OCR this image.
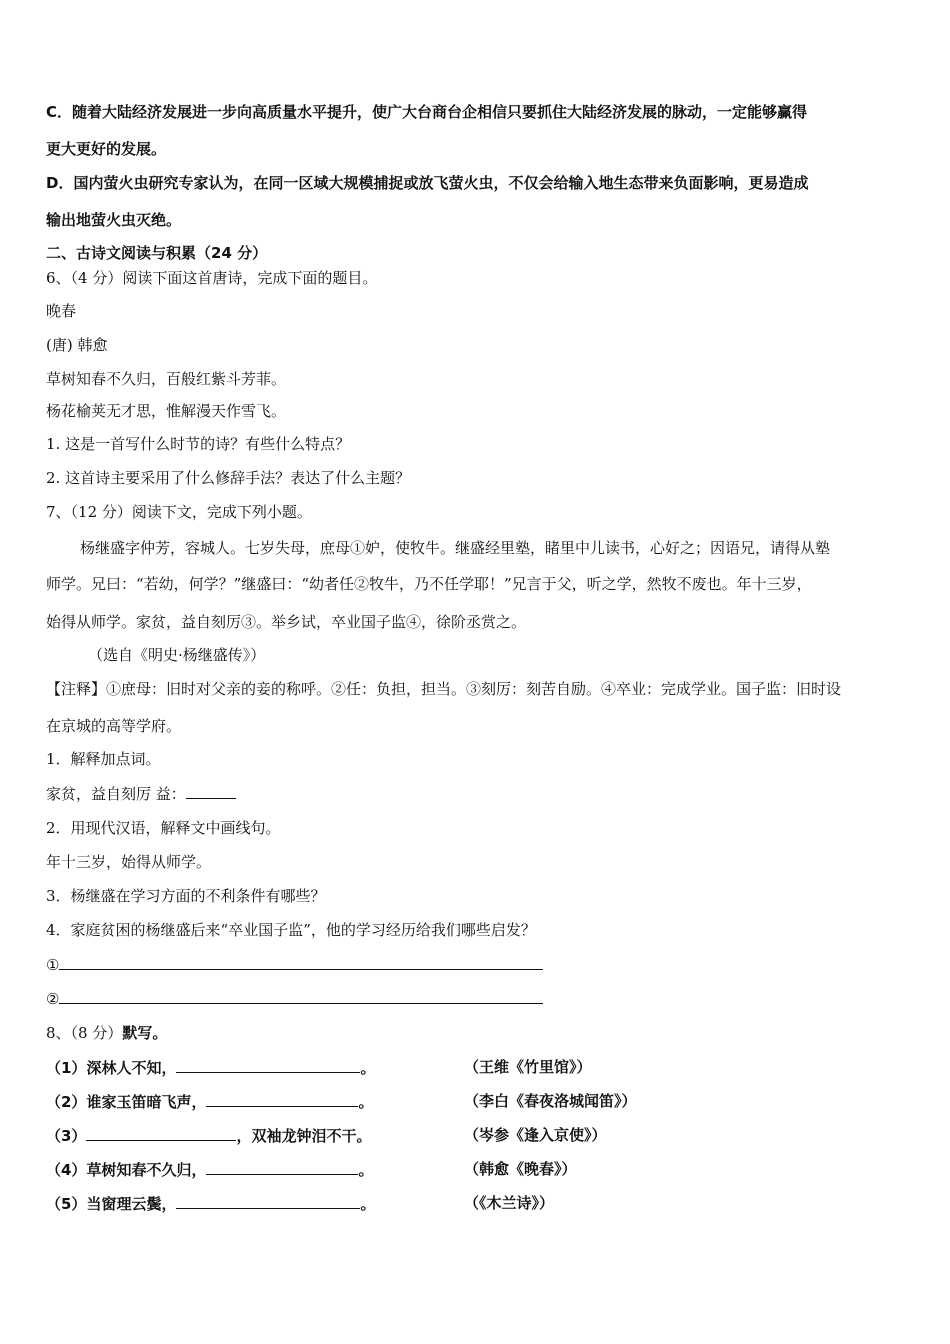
C．随着大陆经济发展进一步向高质量水平提升，使广大台商台企相信只要抓住大陆经济发展的脉动，一定能够赢得
更大更好的发展。
D．国内萤火虫研究专家认为，在同一区域大规模捕捉或放飞萤火虫，不仅会给输入地生态带来负面影响，更易造成
输出地萤火虫灭绝。
二、古诗文阅读与积累（24 分）
6、（4 分）阅读下面这首唐诗，完成下面的题目。
晚春
(唐) 韩愈
草树知春不久归，百般红紫斗芳菲。
杨花榆荚无才思，惟解漫天作雪飞。
1. 这是一首写什么时节的诗？有些什么特点？
2. 这首诗主要采用了什么修辞手法？表达了什么主题？
7、（12 分）阅读下文，完成下列小题。
杨继盛字仲芳，容城人。七岁失母，庶母①妒，使牧牛。继盛经里塾，睹里中儿读书，心好之；因语兄，请得从塾
师学。兄曰：“若幼，何学？”继盛曰：“幼者任②牧牛，乃不任学耶！”兄言于父，听之学，然牧不废也。年十三岁，
始得从师学。家贫，益自刻厉③。举乡试，卒业国子监④，徐阶丞赏之。
（选自《明史·杨继盛传》）
【注释】①庶母：旧时对父亲的妾的称呼。②任：负担，担当。③刻厉：刻苦自励。④卒业：完成学业。国子监：旧时设
在京城的高等学府。
1．解释加点词。
家贫，益自刻厉 益：
2．用现代汉语，解释文中画线句。
年十三岁，始得从师学。
3．杨继盛在学习方面的不利条件有哪些？
4．家庭贫困的杨继盛后来“卒业国子监”，他的学习经历给我们哪些启发？
①
②
8、（8 分）默写。
（1）深林人不知，	。	（王维《竹里馆》）
（2）谁家玉笛暗飞声，	。	（李白《春夜洛城闻笛》）
（3）	，双袖龙钟泪不干。	（岑参《逢入京使》）
（4）草树知春不久归，	。	（韩愈《晚春》）
（5）当窗理云鬓，	。	（《木兰诗》）
